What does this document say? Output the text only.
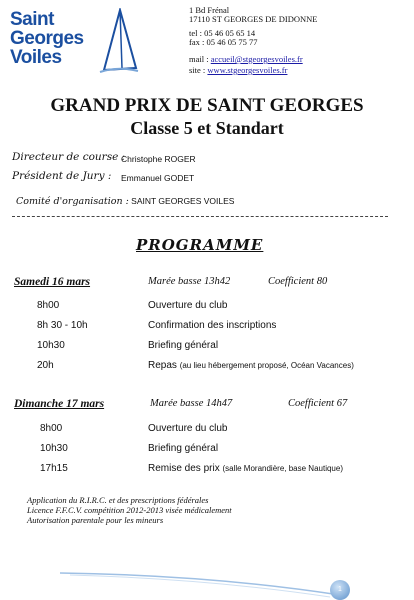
Saint
Georges
Voiles
1 Bd Frénal
17110 ST GEORGES DE DIDONNE
tel : 05 46 05 65 14
fax : 05 46 05 75 77
mail : accueil@stgeorgesvoiles.fr
site : www.stgeorgesvoiles.fr
GRAND PRIX DE SAINT GEORGES
Classe 5 et Standart
Directeur de course :
Christophe ROGER
Président de Jury : Emmanuel GODET
Comité d'organisation : SAINT GEORGES VOILES
PROGRAMME
Samedi 16 mars	Marée basse 13h42	Coefficient 80
8h00	Ouverture du club
8h 30 - 10h	Confirmation des inscriptions
10h30	Briefing général
20h	Repas (au lieu hébergement proposé, Océan Vacances)
Dimanche 17 mars	Marée basse 14h47	Coefficient 67
8h00	Ouverture du club
10h30	Briefing général
17h15	Remise des prix (salle Morandière, base Nautique)
Application du R.I.R.C. et des prescriptions fédérales
Licence F.F.C.V. compétition 2012-2013 visée médicalement
Autorisation parentale pour les mineurs
1
